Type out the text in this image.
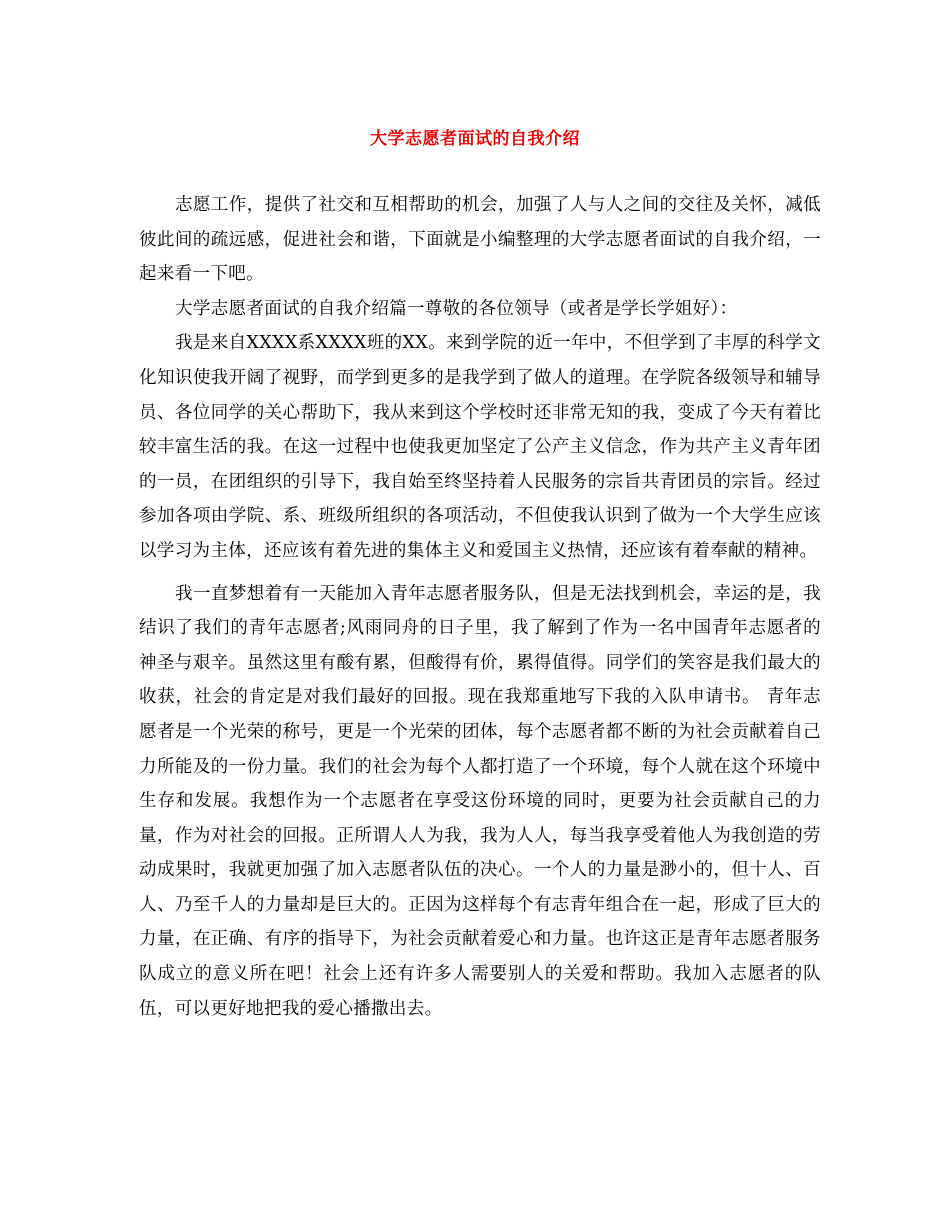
大学志愿者面试的自我介绍

志愿工作，提供了社交和互相帮助的机会，加强了人与人之间的交往及关怀，减低彼此间的疏远感，促进社会和谐，下面就是小编整理的大学志愿者面试的自我介绍，一起来看一下吧。

大学志愿者面试的自我介绍篇一尊敬的各位领导（或者是学长学姐好）：

我是来自XXXX系XXXX班的XX。来到学院的近一年中，不但学到了丰厚的科学文化知识使我开阔了视野，而学到更多的是我学到了做人的道理。在学院各级领导和辅导员、各位同学的关心帮助下，我从来到这个学校时还非常无知的我，变成了今天有着比较丰富生活的我。在这一过程中也使我更加坚定了公产主义信念，作为共产主义青年团的一员，在团组织的引导下，我自始至终坚持着人民服务的宗旨共青团员的宗旨。经过参加各项由学院、系、班级所组织的各项活动，不但使我认识到了做为一个大学生应该以学习为主体，还应该有着先进的集体主义和爱国主义热情，还应该有着奉献的精神。

我一直梦想着有一天能加入青年志愿者服务队，但是无法找到机会，幸运的是，我结识了我们的青年志愿者;风雨同舟的日子里，我了解到了作为一名中国青年志愿者的神圣与艰辛。虽然这里有酸有累，但酸得有价，累得值得。同学们的笑容是我们最大的收获，社会的肯定是对我们最好的回报。现在我郑重地写下我的入队申请书。 青年志愿者是一个光荣的称号，更是一个光荣的团体，每个志愿者都不断的为社会贡献着自己力所能及的一份力量。我们的社会为每个人都打造了一个环境，每个人就在这个环境中生存和发展。我想作为一个志愿者在享受这份环境的同时，更要为社会贡献自己的力量，作为对社会的回报。正所谓人人为我，我为人人，每当我享受着他人为我创造的劳动成果时，我就更加强了加入志愿者队伍的决心。一个人的力量是渺小的，但十人、百人、乃至千人的力量却是巨大的。正因为这样每个有志青年组合在一起，形成了巨大的力量，在正确、有序的指导下，为社会贡献着爱心和力量。也许这正是青年志愿者服务队成立的意义所在吧！社会上还有许多人需要别人的关爱和帮助。我加入志愿者的队伍，可以更好地把我的爱心播撒出去。
